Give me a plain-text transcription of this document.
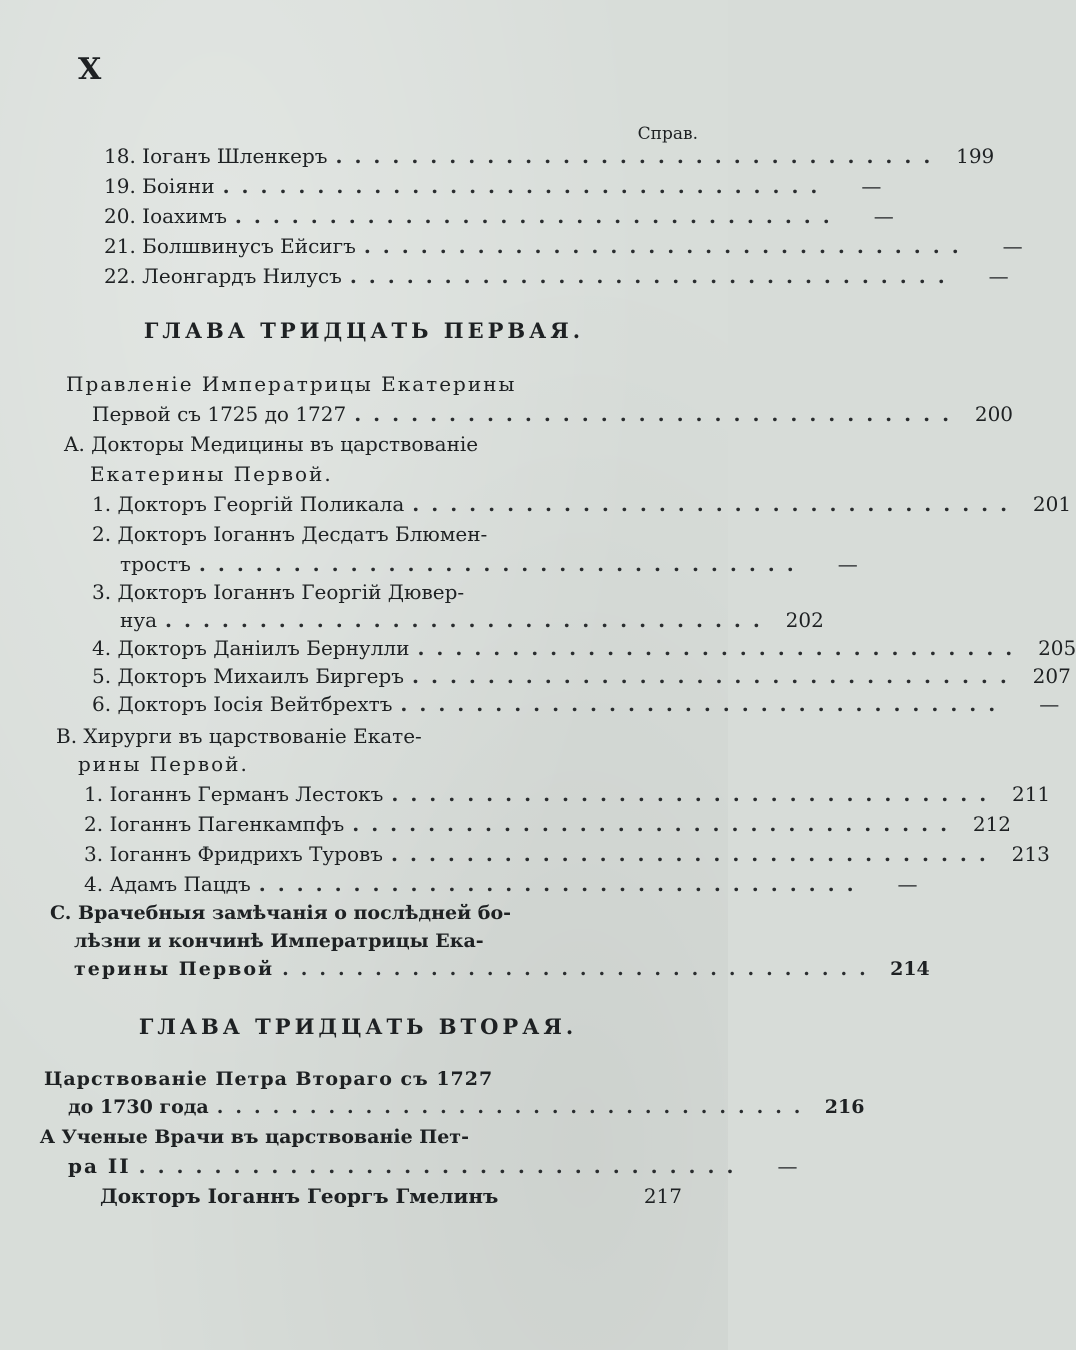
X
Справ.
18. Іоганъ Шленкеръ ................................ 199
19. Боіяни ................................	—
20. Іоахимъ ................................	—
21. Болшвинусъ Ейсигъ ................................	—
22. Леонгардъ Нилусъ ................................	—
ГЛАВА ТРИДЦАТЬ ПЕРВАЯ.
Правленіе Императрицы Екатерины
Первой съ 1725 до 1727 ................................ 200
A. Докторы Медицины въ царствованіе
Екатерины Первой.
1. Докторъ Георгій Поликала ................................ 201
2. Докторъ Іоганнъ Десдатъ Блюмен-
тростъ ................................	—
3. Докторъ Іоганнъ Георгій Дювер-
нуа ................................ 202
4. Докторъ Даніилъ Бернулли ................................ 205
5. Докторъ Михаилъ Биргеръ ................................ 207
6. Докторъ Іосія Вейтбрехтъ ................................	—
B. Хирурги въ царствованіе Екате-
рины Первой.
1. Іоганнъ Германъ Лестокъ ................................ 211
2. Іоганнъ Пагенкампфъ ................................ 212
3. Іоганнъ Фридрихъ Туровъ ................................ 213
4. Адамъ Пацдъ ................................	—
C. Врачебныя замѣчанія о послѣдней бо-
лѣзни и кончинѣ Императрицы Ека-
терины Первой ................................ 214
ГЛАВА ТРИДЦАТЬ ВТОРАЯ.
Царствованіе Петра Втораго съ 1727
до 1730 года ................................ 216
A Ученые Врачи въ царствованіе Пет-
ра II ................................	—
Докторъ Іоганнъ Георгъ Гмелинъ	217
